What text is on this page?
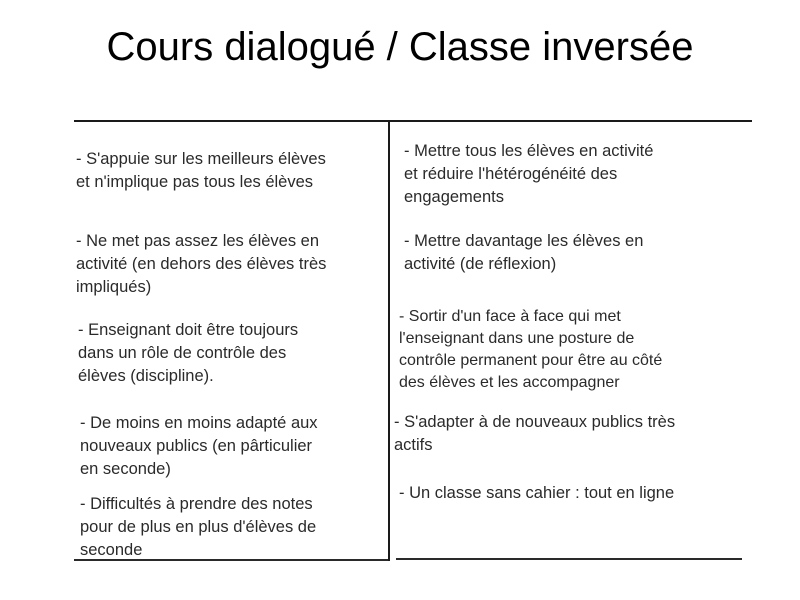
Cours dialogué / Classe inversée

- S'appuie sur les meilleurs élèves
et n'implique pas tous les élèves

- Ne met pas assez les élèves en
activité (en dehors des élèves très
impliqués)

- Enseignant doit être toujours
dans un rôle de contrôle des
élèves (discipline).

- De moins en moins adapté aux
nouveaux publics (en pârticulier
en seconde)

- Difficultés à prendre des notes
pour de plus en plus d'élèves de
seconde

- Mettre tous les élèves en activité
et réduire l'hétérogénéité des
engagements

- Mettre davantage les élèves en
activité (de réflexion)

- Sortir d'un face à face qui met
l'enseignant dans une posture de
contrôle permanent pour être au côté
des élèves et les accompagner

- S'adapter à de nouveaux publics très
actifs

- Un classe sans cahier : tout en ligne
